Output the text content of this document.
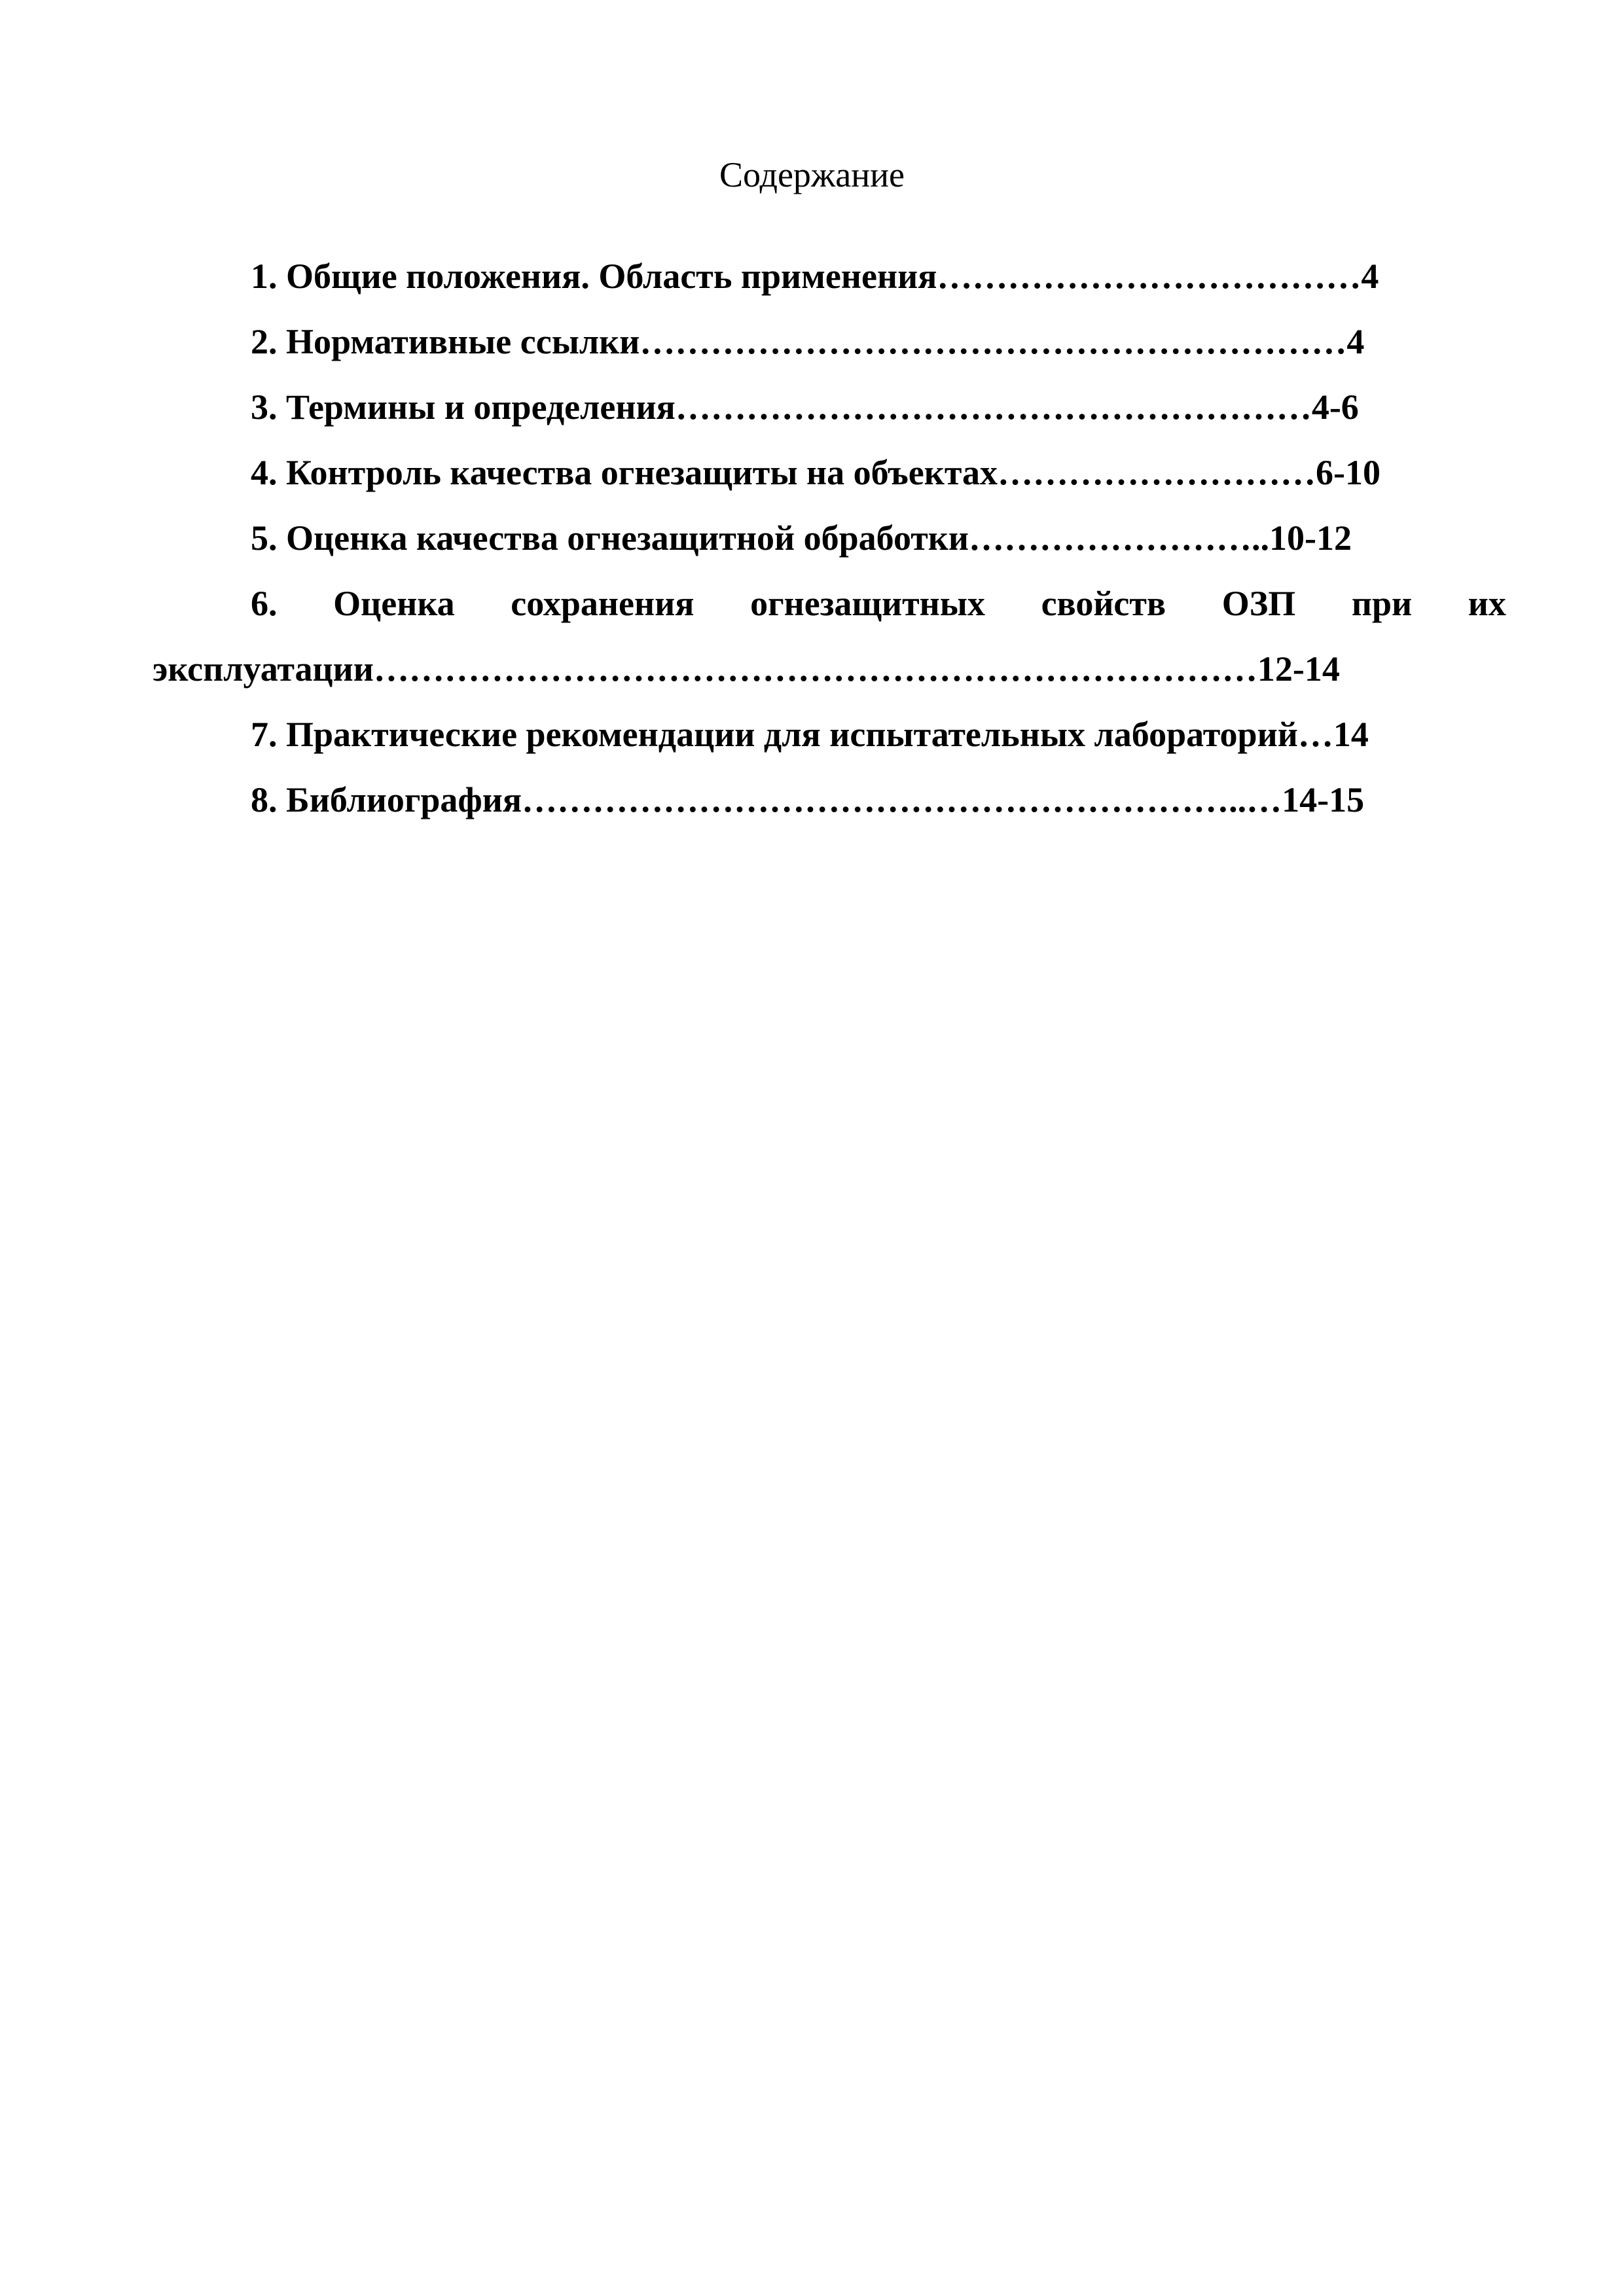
Содержание
1. Общие положения. Область применения………………………………4
2. Нормативные ссылки……………………………………………………4
3. Термины и определения………………………………………………4-6
4. Контроль качества огнезащиты на объектах………………………6-10
5. Оценка качества огнезащитной обработки……………………..10-12
6. Оценка сохранения огнезащитных свойств ОЗП при их
эксплуатации…………………………………………………………………12-14
7. Практические рекомендации для испытательных лабораторий…14
8. Библиография……………………………………………………..…14-15
